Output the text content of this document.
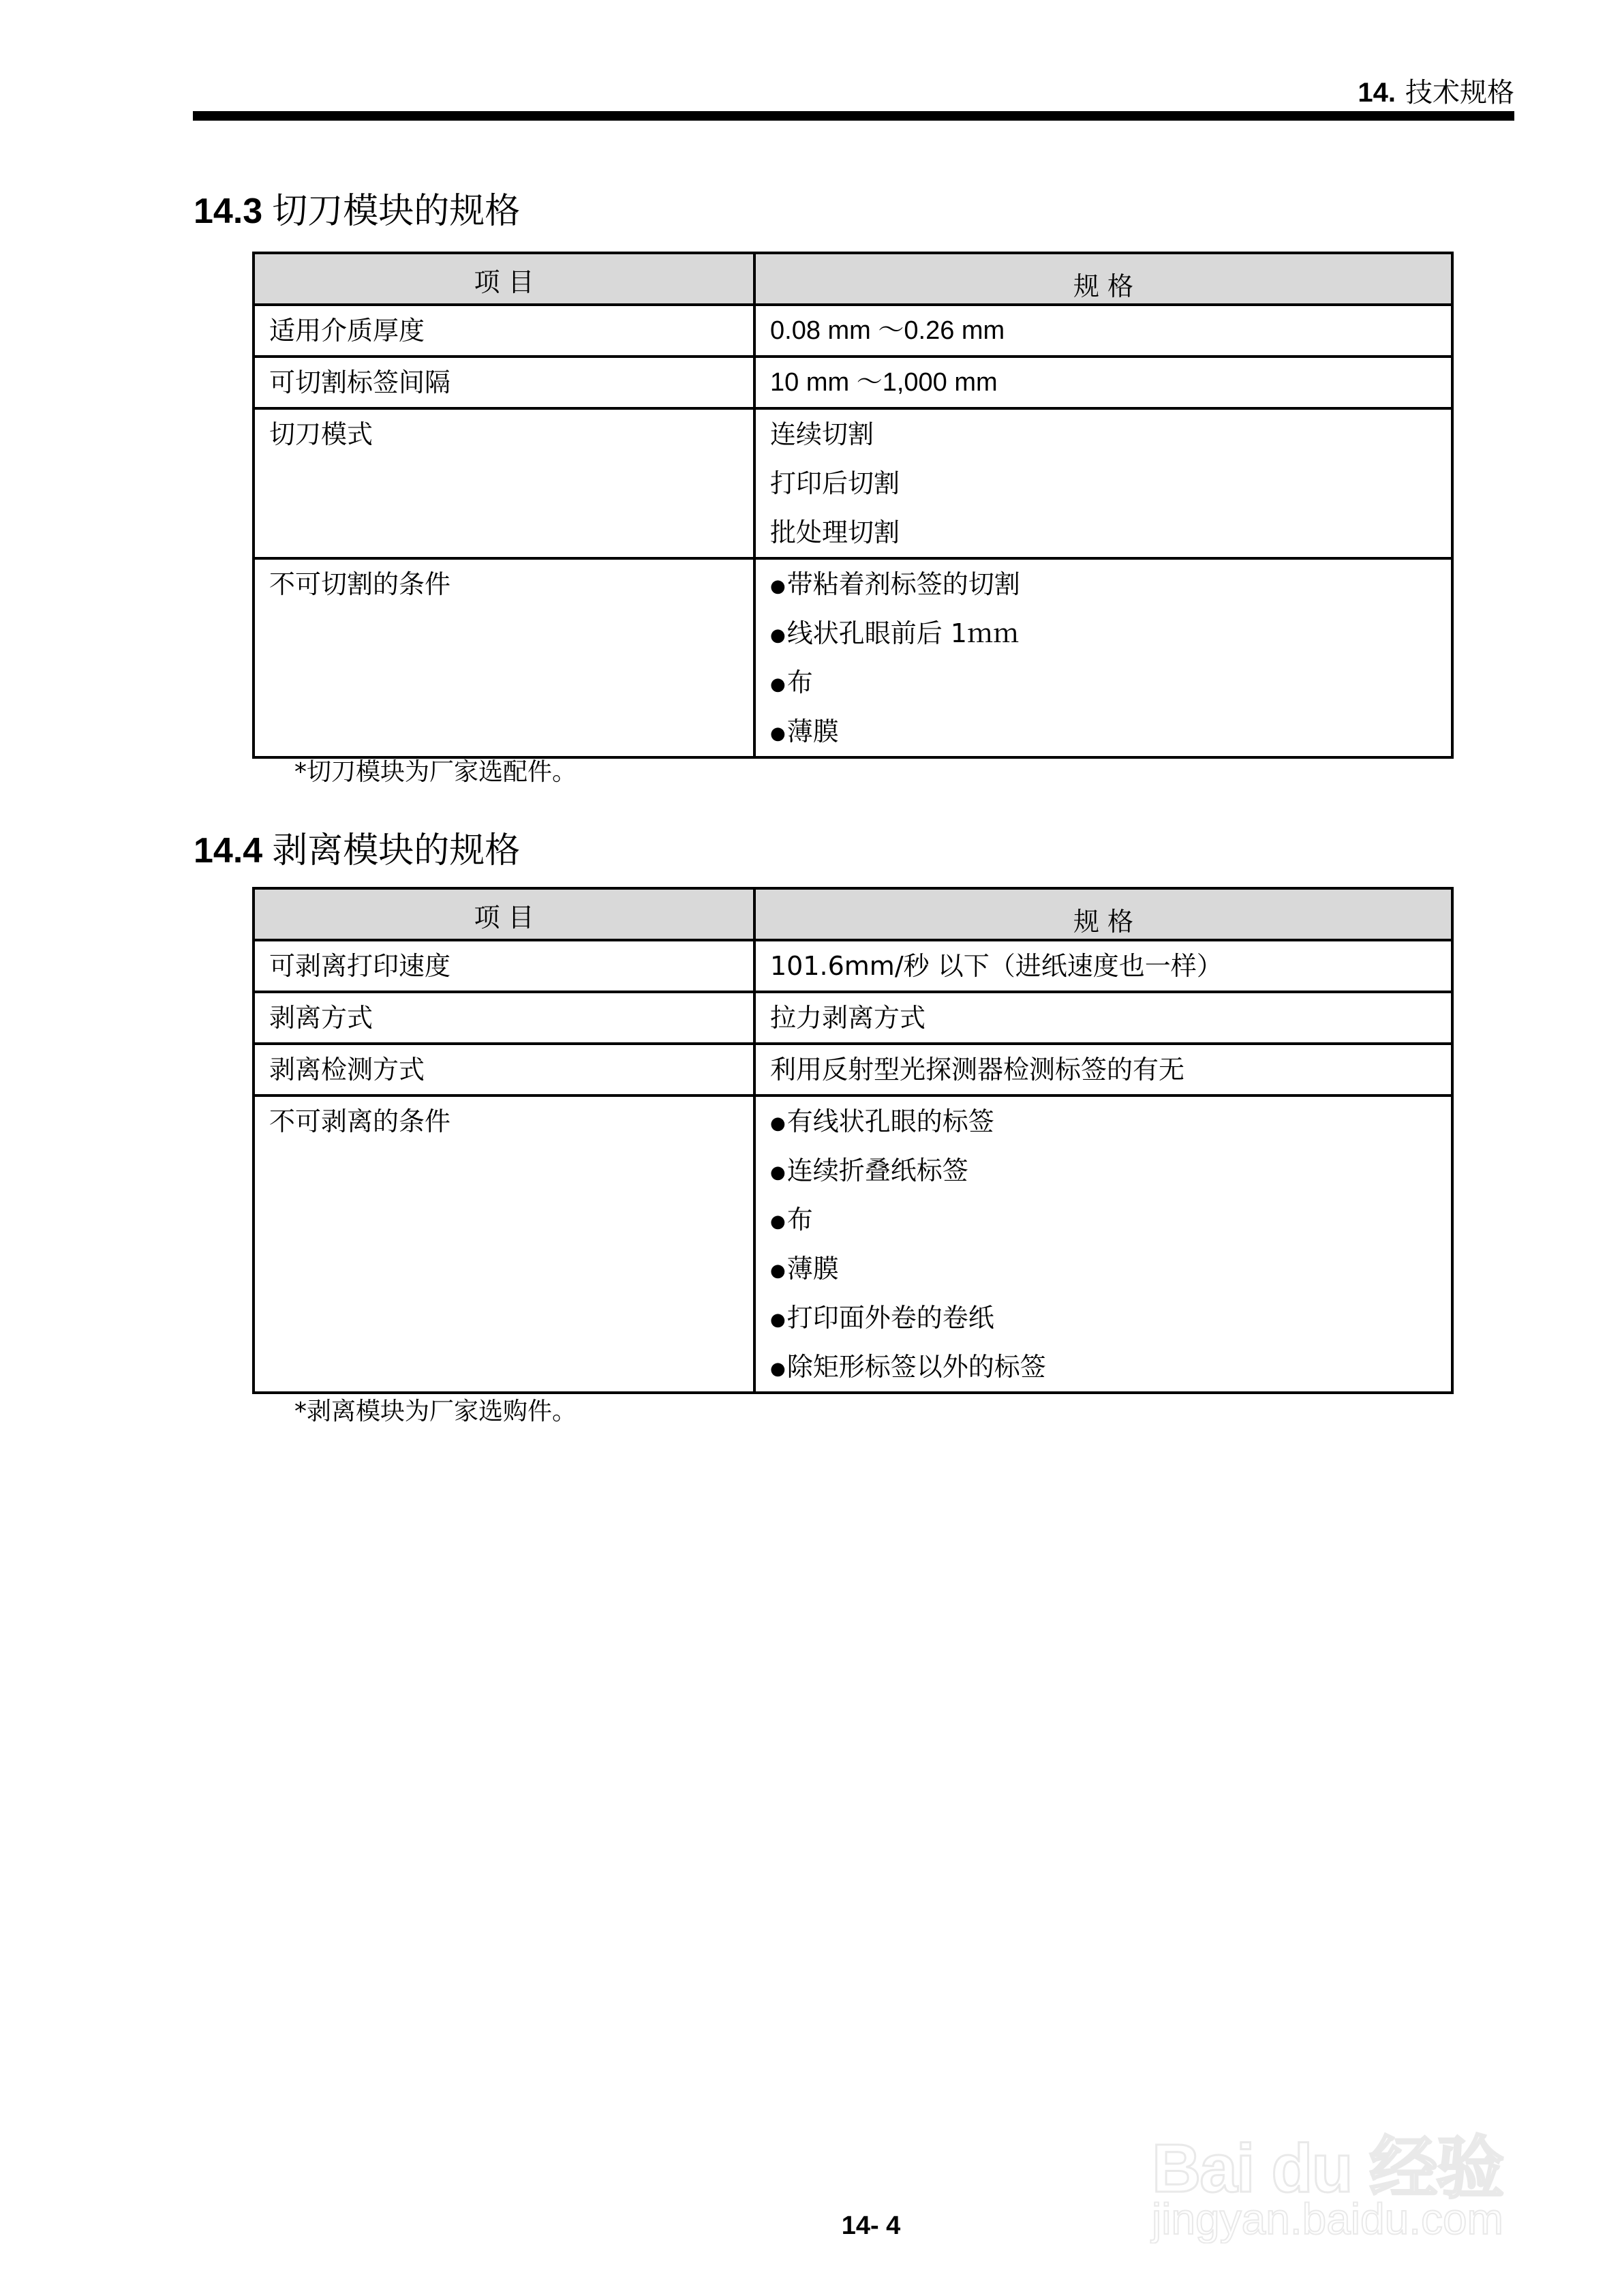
14. 技术规格
14.3 切刀模块的规格
项 目	规 格

适用介质厚度	0.08 mm ～0.26 mm

可切割标签间隔	10 mm ～1,000 mm

切刀模式	连续切割
打印后切割
批处理切割

不可切割的条件	●带粘着剂标签的切割
●线状孔眼前后 1ｍｍ
●布
●薄膜
*切刀模块为厂家选配件。
14.4 剥离模块的规格
项 目	规 格

可剥离打印速度	101.6mm/秒 以下（进纸速度也一样）

剥离方式	拉力剥离方式

剥离检测方式	利用反射型光探测器检测标签的有无

不可剥离的条件	●有线状孔眼的标签
●连续折叠纸标签
●布
●薄膜
●打印面外卷的卷纸
●除矩形标签以外的标签
*剥离模块为厂家选购件。
Bai du 经验
jingyan.baidu.com
14- 4
